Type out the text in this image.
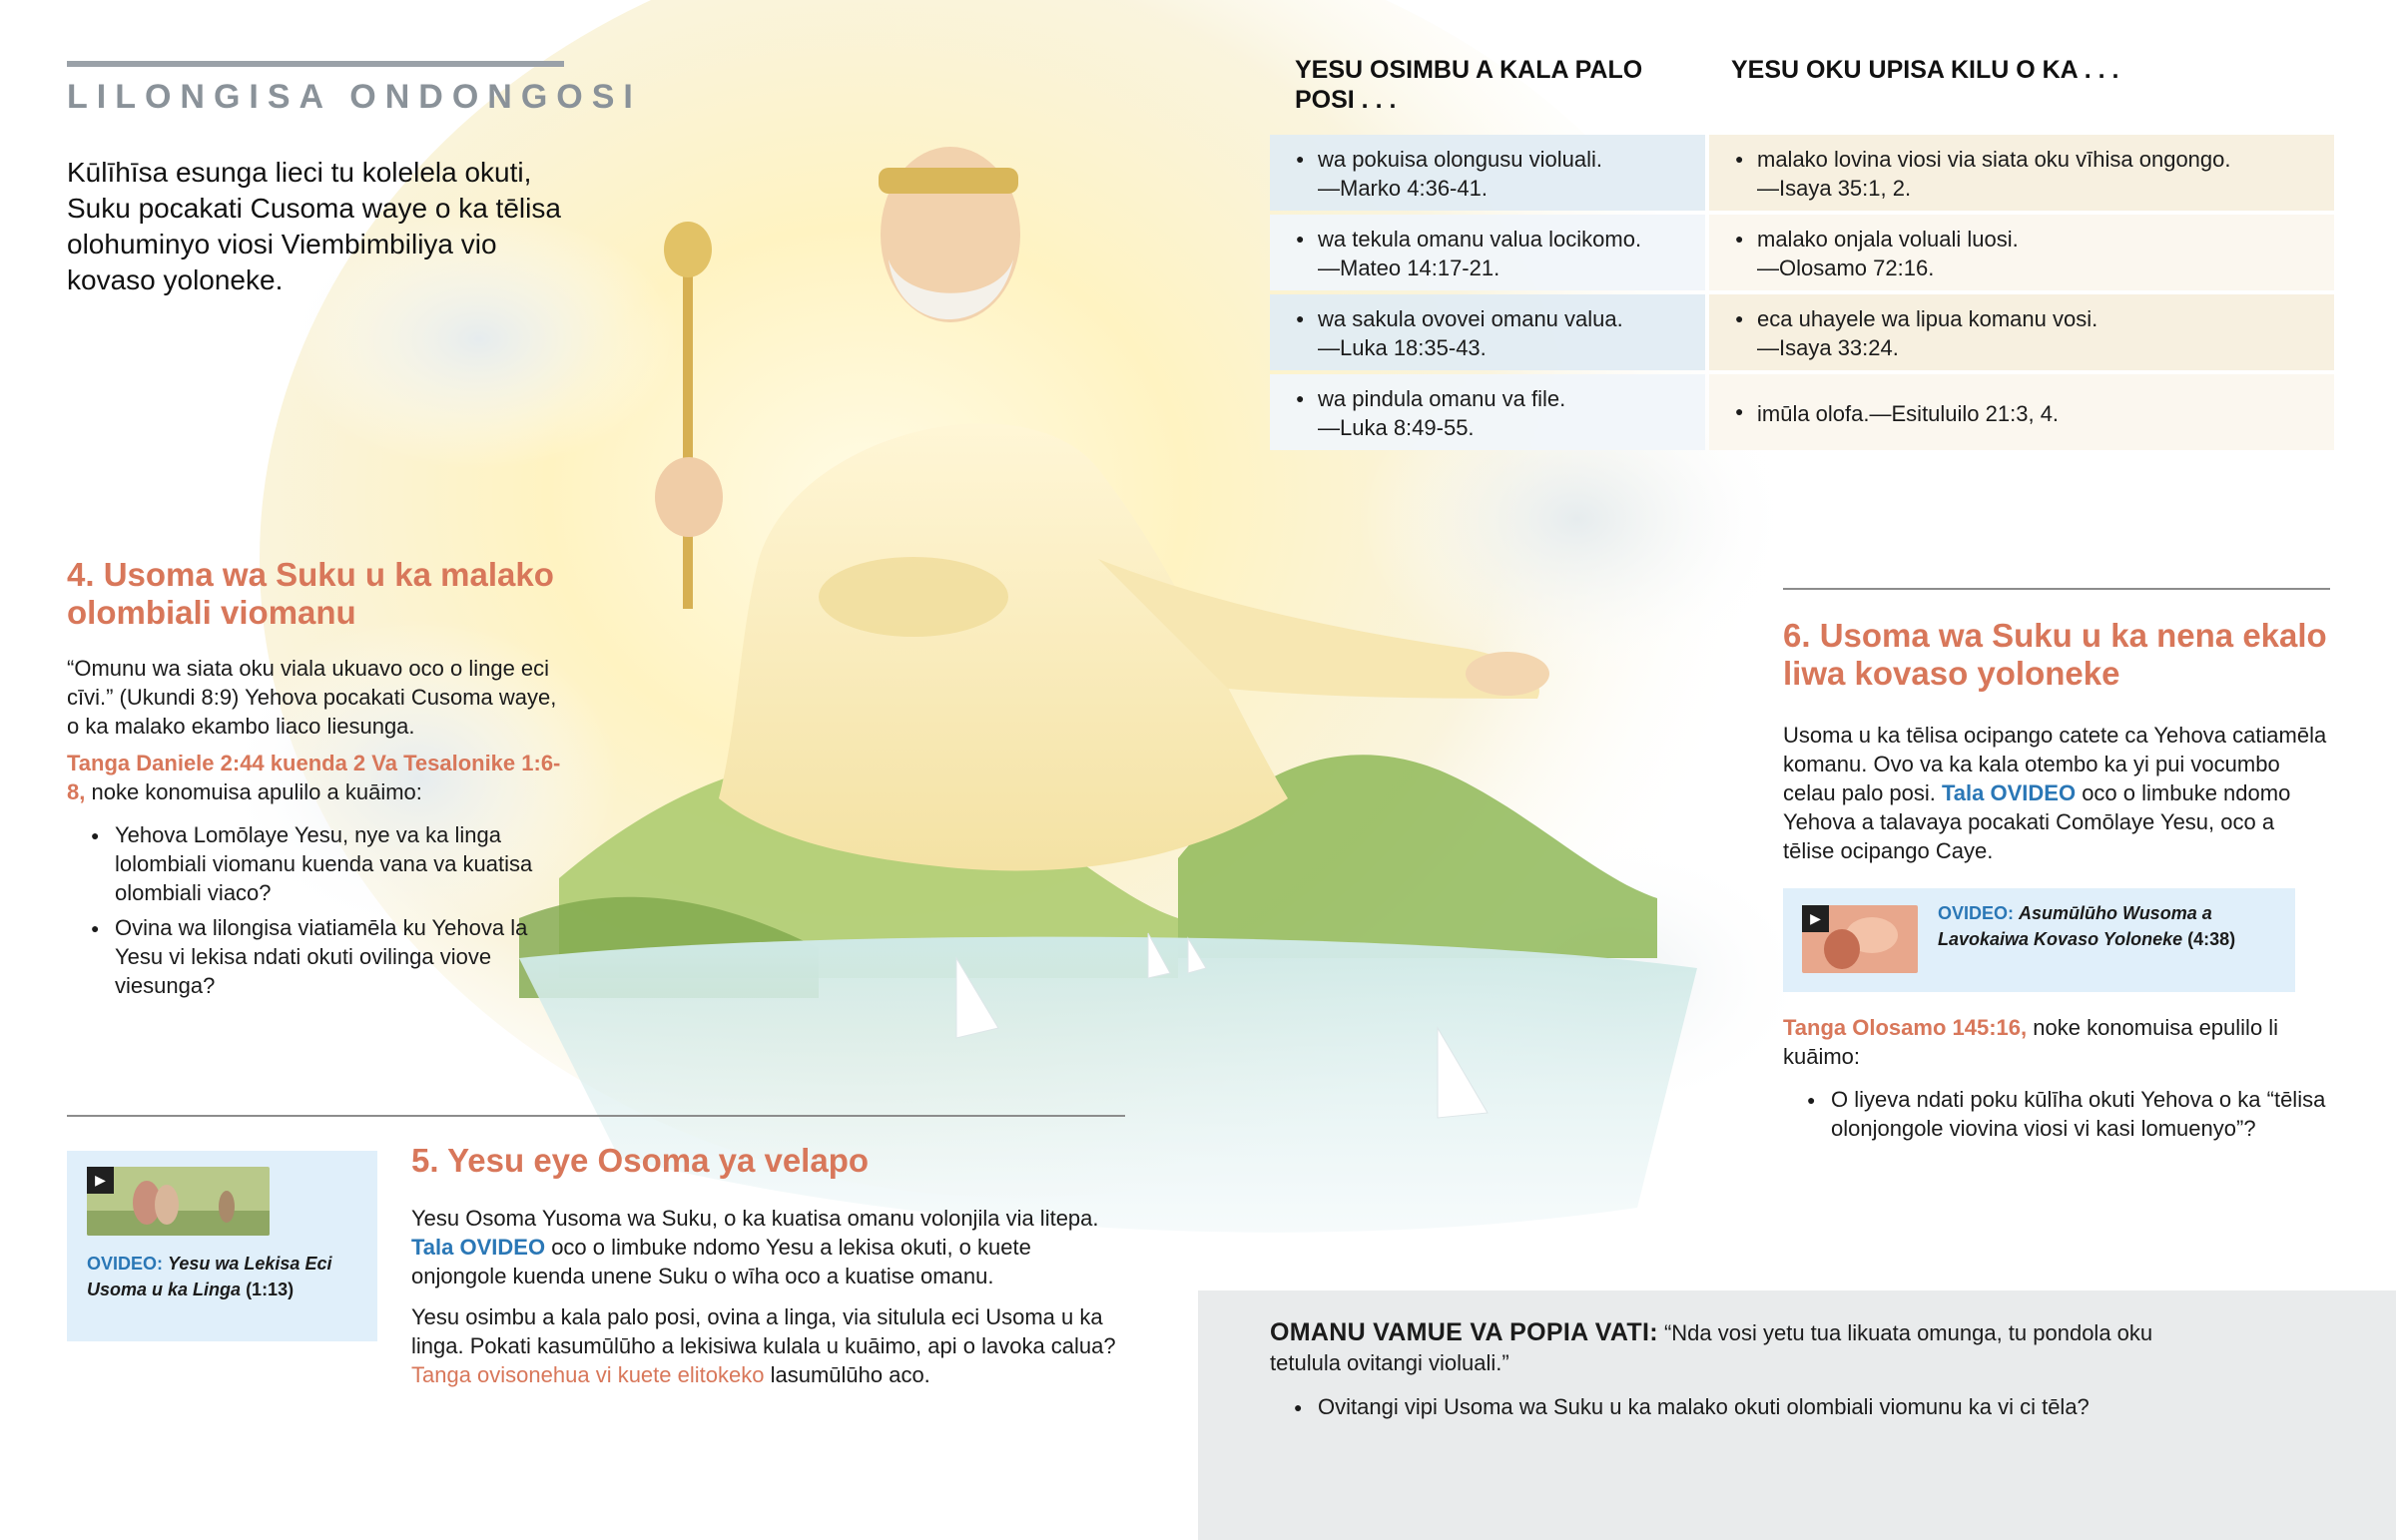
LILONGISA ONDONGOSI
Kūlīhīsa esunga lieci tu kolelela okuti, Suku pocakati Cusoma waye o ka tēlisa olohuminyo viosi Viembimbiliya vio kovaso yoloneke.
YESU OSIMBU A KALA PALO POSI . . .
YESU OKU UPISA KILU O KA . . .
● wa pokuisa olongusu violuali.
—Marko 4:36-41.
● malako lovina viosi via siata oku vīhisa ongongo.
—Isaya 35:1, 2.
● wa tekula omanu valua locikomo.
—Mateo 14:17-21.
● malako onjala voluali luosi.
—Olosamo 72:16.
● wa sakula ovovei omanu valua.
—Luka 18:35-43.
● eca uhayele wa lipua komanu vosi.
—Isaya 33:24.
● wa pindula omanu va file.
—Luka 8:49-55.
● imūla olofa.—Esituluilo 21:3, 4.
4. Usoma wa Suku u ka malako olombiali viomanu

“Omunu wa siata oku viala ukuavo oco o linge eci cīvi.” (Ukundi 8:9) Yehova pocakati Cusoma waye, o ka malako ekambo liaco liesunga.

Tanga Daniele 2:44 kuenda 2 Va Tesalonike 1:6-8, noke konomuisa apulilo a kuāimo:

● Yehova Lomōlaye Yesu, nye va ka linga lolombiali viomanu kuenda vana va kuatisa olombiali viaco?
● Ovina wa lilongisa viatiamēla ku Yehova la Yesu vi lekisa ndati okuti ovilinga viove viesunga?
▶
OVIDEO: Yesu wa Lekisa Eci Usoma u ka Linga (1:13)
5. Yesu eye Osoma ya velapo

Yesu Osoma Yusoma wa Suku, o ka kuatisa omanu volonjila via litepa. Tala OVIDEO oco o limbuke ndomo Yesu a lekisa okuti, o kuete onjongole kuenda unene Suku o wīha oco a kuatise omanu.

Yesu osimbu a kala palo posi, ovina a linga, via situlula eci Usoma u ka linga. Pokati kasumūlūho a lekisiwa kulala u kuāimo, api o lavoka calua? Tanga ovisonehua vi kuete elitokeko lasumūlūho aco.

6. Usoma wa Suku u ka nena ekalo liwa kovaso yoloneke

Usoma u ka tēlisa ocipango catete ca Yehova catiamēla komanu. Ovo va ka kala otembo ka yi pui vocumbo celau palo posi. Tala OVIDEO oco o limbuke ndomo Yehova a talavaya pocakati Comōlaye Yesu, oco a tēlise ocipango Caye.

▶	OVIDEO: Asumūlūho Wusoma a Lavokaiwa Kovaso Yoloneke (4:38)

Tanga Olosamo 145:16, noke konomuisa epulilo li kuāimo:

● O liyeva ndati poku kūlīha okuti Yehova o ka “tēlisa olonjongole viovina viosi vi kasi lomuenyo”?

OMANU VAMUE VA POPIA VATI: “Nda vosi yetu tua likuata omunga, tu pondola oku tetulula ovitangi violuali.”

● Ovitangi vipi Usoma wa Suku u ka malako okuti olombiali viomunu ka vi ci tēla?
